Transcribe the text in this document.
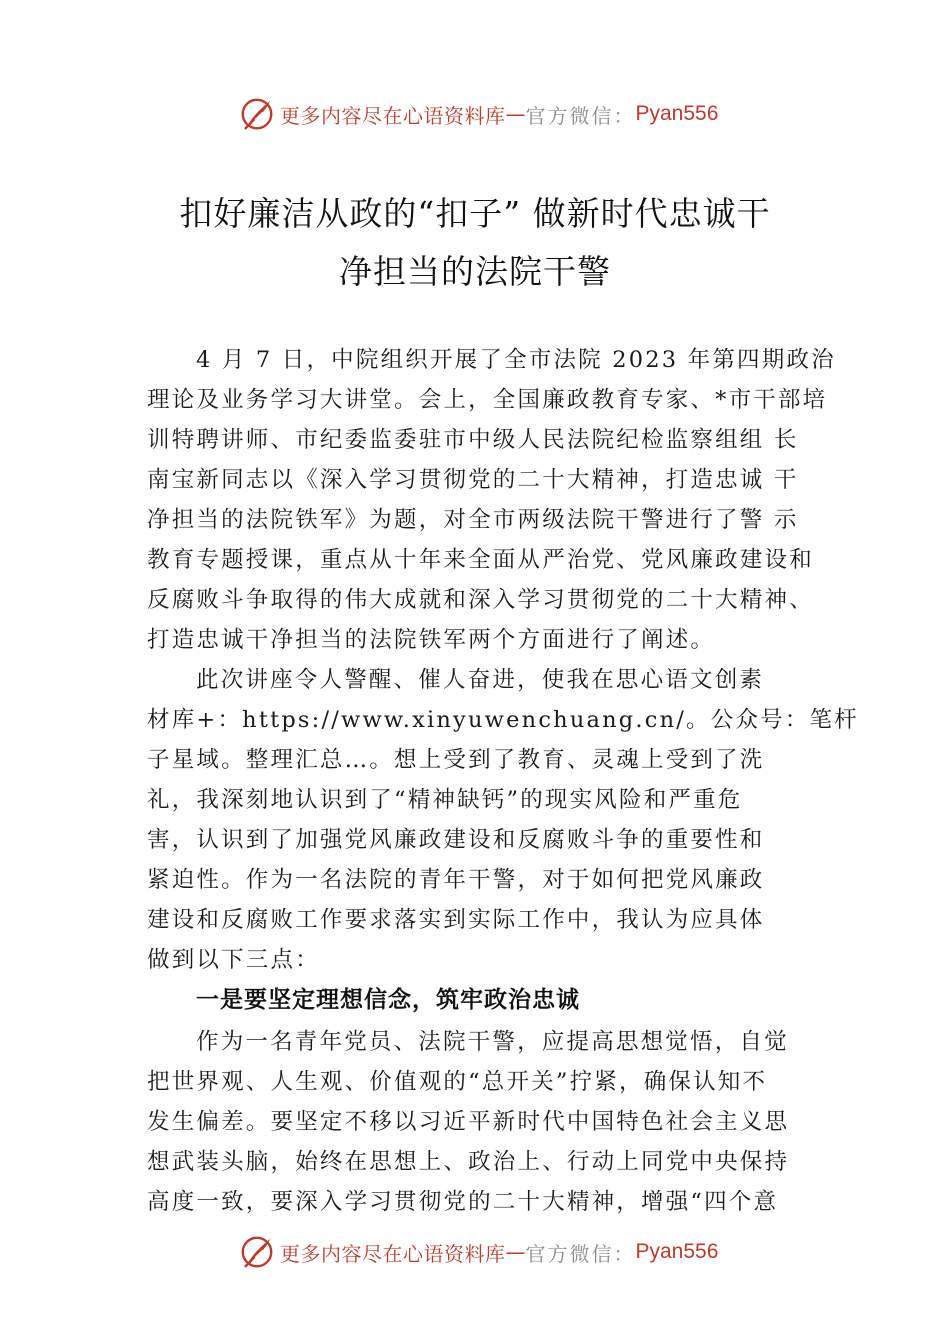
更多内容尽在心语资料库 — 官方微信： Pyan556
扣好廉洁从政的“扣子” 做新时代忠诚干
净担当的法院干警
4 月 7 日，中院组织开展了全市法院 2023 年第四期政治
理论及业务学习大讲堂。会上，全国廉政教育专家、*市干部培
训特聘讲师、市纪委监委驻市中级人民法院纪检监察组组 长
南宝新同志以《深入学习贯彻党的二十大精神，打造忠诚 干
净担当的法院铁军》为题，对全市两级法院干警进行了警 示
教育专题授课，重点从十年来全面从严治党、党风廉政建设和
反腐败斗争取得的伟大成就和深入学习贯彻党的二十大精神、
打造忠诚干净担当的法院铁军两个方面进行了阐述。
此次讲座令人警醒、催人奋进，使我在思心语文创素
材库+：https://www.xinyuwenchuang.cn/。公众号：笔杆
子星域。整理汇总…。想上受到了教育、灵魂上受到了洗
礼，我深刻地认识到了“精神缺钙”的现实风险和严重危
害，认识到了加强党风廉政建设和反腐败斗争的重要性和
紧迫性。作为一名法院的青年干警，对于如何把党风廉政
建设和反腐败工作要求落实到实际工作中，我认为应具体
做到以下三点：
一是要坚定理想信念，筑牢政治忠诚
作为一名青年党员、法院干警，应提高思想觉悟，自觉
把世界观、人生观、价值观的“总开关”拧紧，确保认知不
发生偏差。要坚定不移以习近平新时代中国特色社会主义思
想武装头脑，始终在思想上、政治上、行动上同党中央保持
高度一致，要深入学习贯彻党的二十大精神，增强“四个意
更多内容尽在心语资料库 — 官方微信： Pyan556
